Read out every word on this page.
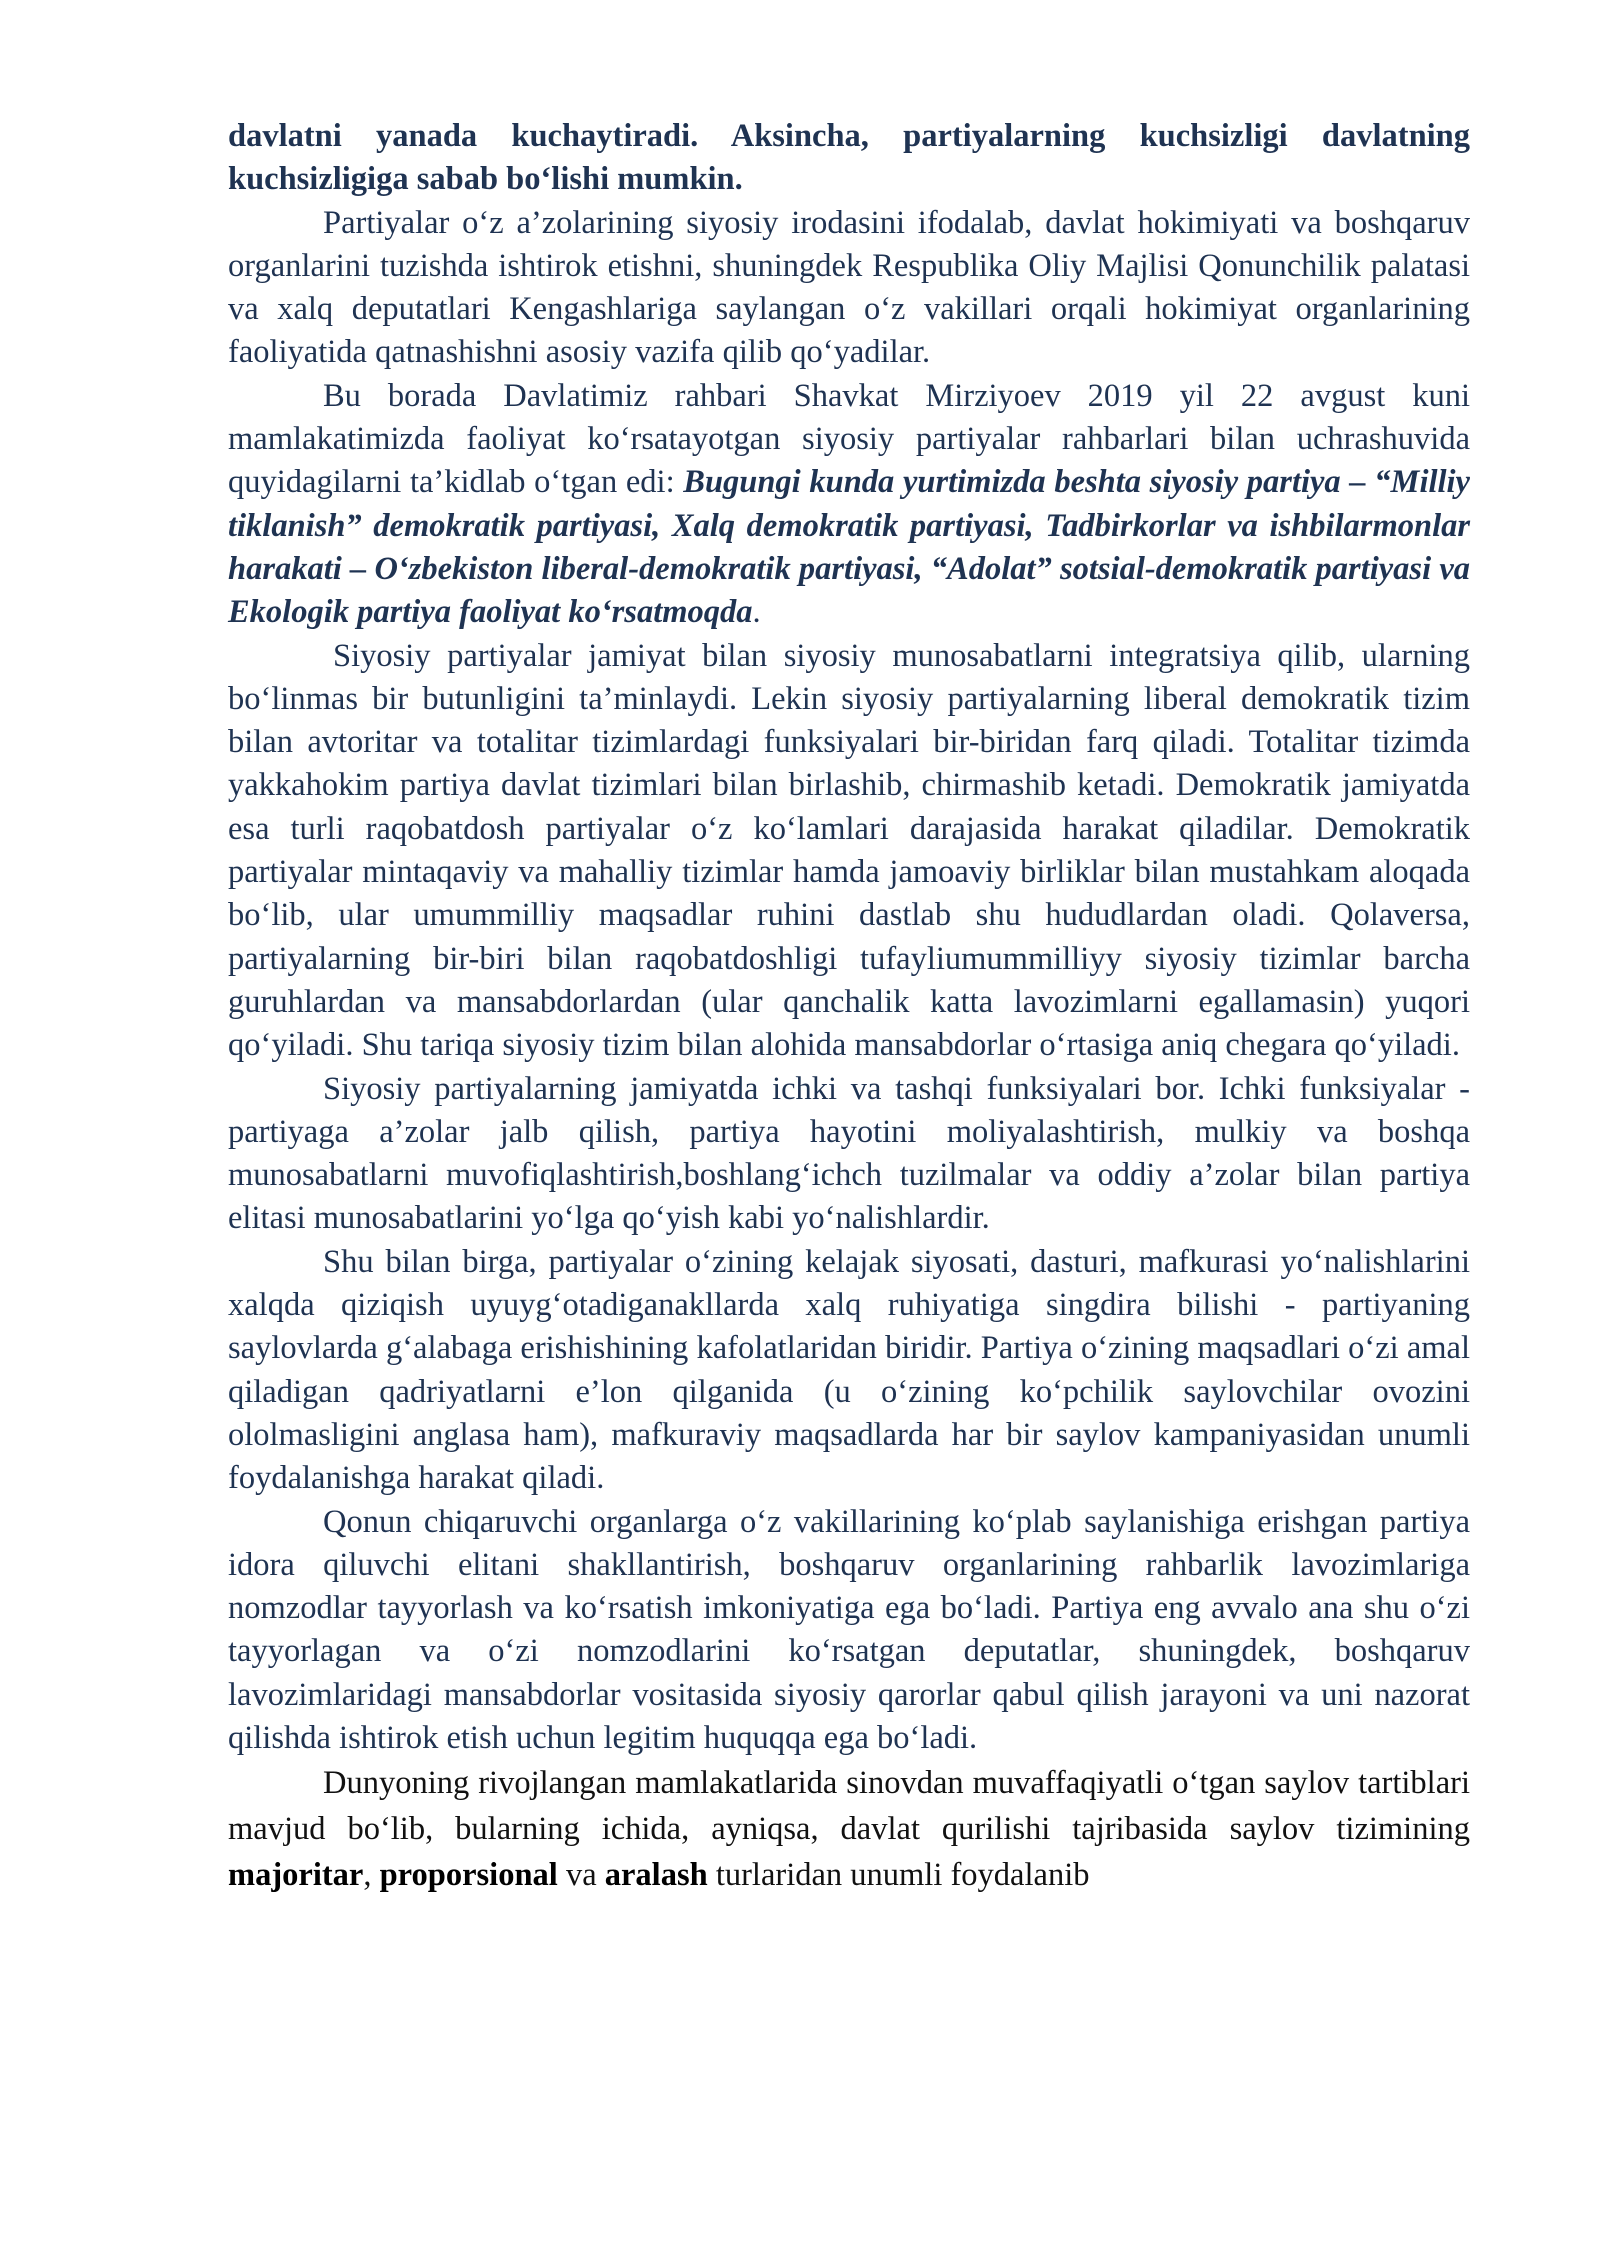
davlatni yanada kuchaytiradi. Aksincha, partiyalarning kuchsizligi davlatning kuchsizligiga sabab bo‘lishi mumkin.

Partiyalar o‘z a’zolarining siyosiy irodasini ifodalab, davlat hokimiyati va boshqaruv organlarini tuzishda ishtirok etishni, shuningdek Respublika Oliy Majlisi Qonunchilik palatasi va xalq deputatlari Kengashlariga saylangan o‘z vakillari orqali hokimiyat organlarining faoliyatida qatnashishni asosiy vazifa qilib qo‘yadilar.

Bu borada Davlatimiz rahbari Shavkat Mirziyoev 2019 yil 22 avgust kuni mamlakatimizda faoliyat ko‘rsatayotgan siyosiy partiyalar rahbarlari bilan uchrashuvida quyidagilarni ta’kidlab o‘tgan edi: Bugungi kunda yurtimizda beshta siyosiy partiya – “Milliy tiklanish” demokratik partiyasi, Xalq demokratik partiyasi, Tadbirkorlar va ishbilarmonlar harakati – O‘zbekiston liberal-demokratik partiyasi, “Adolat” sotsial-demokratik partiyasi va Ekologik partiya faoliyat ko‘rsatmoqda.

Siyosiy partiyalar jamiyat bilan siyosiy munosabatlarni integratsiya qilib, ularning bo‘linmas bir butunligini ta’minlaydi. Lekin siyosiy partiyalarning liberal demokratik tizim bilan avtoritar va totalitar tizimlardagi funksiyalari bir-biridan farq qiladi. Totalitar tizimda yakkahokim partiya davlat tizimlari bilan birlashib, chirmashib ketadi. Demokratik jamiyatda esa turli raqobatdosh partiyalar o‘z ko‘lamlari darajasida harakat qiladilar. Demokratik partiyalar mintaqaviy va mahalliy tizimlar hamda jamoaviy birliklar bilan mustahkam aloqada bo‘lib, ular umummilliy maqsadlar ruhini dastlab shu hududlardan oladi. Qolaversa, partiyalarning bir-biri bilan raqobatdoshligi tufayliumummilliyy siyosiy tizimlar barcha guruhlardan va mansabdorlardan (ular qanchalik katta lavozimlarni egallamasin) yuqori qo‘yiladi. Shu tariqa siyosiy tizim bilan alohida mansabdorlar o‘rtasiga aniq chegara qo‘yiladi.

Siyosiy partiyalarning jamiyatda ichki va tashqi funksiyalari bor. Ichki funksiyalar - partiyaga a’zolar jalb qilish, partiya hayotini moliyalashtirish, mulkiy va boshqa munosabatlarni muvofiqlashtirish,boshlang‘ichch tuzilmalar va oddiy a’zolar bilan partiya elitasi munosabatlarini yo‘lga qo‘yish kabi yo‘nalishlardir.

Shu bilan birga, partiyalar o‘zining kelajak siyosati, dasturi, mafkurasi yo‘nalishlarini xalqda qiziqish uyuyg‘otadiganakllarda xalq ruhiyatiga singdira bilishi - partiyaning saylovlarda g‘alabaga erishishining kafolatlaridan biridir. Partiya o‘zining maqsadlari o‘zi amal qiladigan qadriyatlarni e’lon qilganida (u o‘zining ko‘pchilik saylovchilar ovozini ololmasligini anglasa ham), mafkuraviy maqsadlarda har bir saylov kampaniyasidan unumli foydalanishga harakat qiladi.

Qonun chiqaruvchi organlarga o‘z vakillarining ko‘plab saylanishiga erishgan partiya idora qiluvchi elitani shakllantirish, boshqaruv organlarining rahbarlik lavozimlariga nomzodlar tayyorlash va ko‘rsatish imkoniyatiga ega bo‘ladi. Partiya eng avvalo ana shu o‘zi tayyorlagan va o‘zi nomzodlarini ko‘rsatgan deputatlar, shuningdek, boshqaruv lavozimlaridagi mansabdorlar vositasida siyosiy qarorlar qabul qilish jarayoni va uni nazorat qilishda ishtirok etish uchun legitim huquqqa ega bo‘ladi.

Dunyoning rivojlangan mamlakatlarida sinovdan muvaffaqiyatli o‘tgan saylov tartiblari mavjud bo‘lib, bularning ichida, ayniqsa, davlat qurilishi tajribasida saylov tizimining majoritar, proporsional va aralash turlaridan unumli foydalanib
